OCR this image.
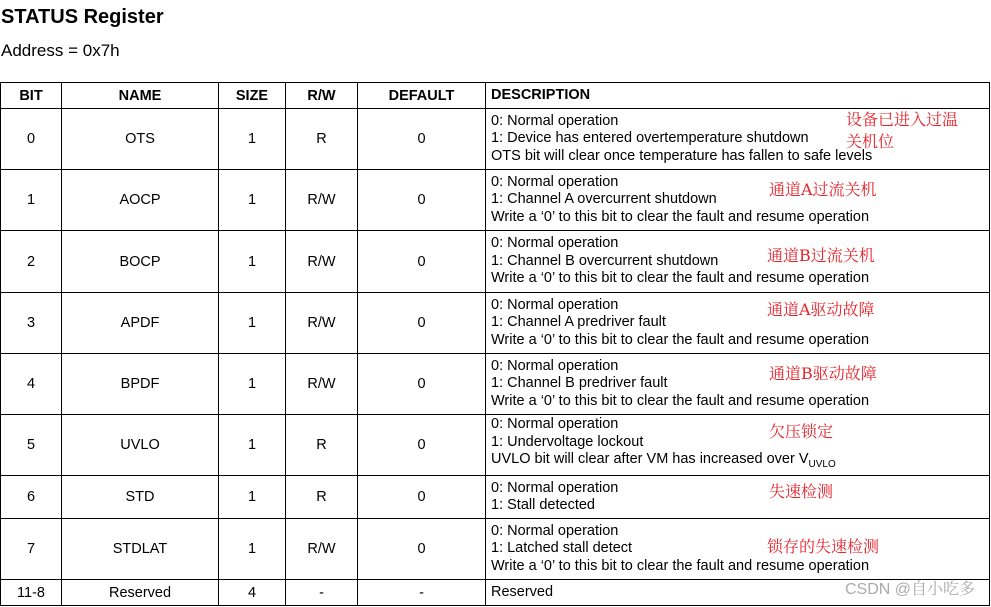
STATUS Register
Address = 0x7h
BIT	NAME	SIZE	R/W	DEFAULT	DESCRIPTION
0	OTS	1	R	0	0: Normal operation
1: Device has entered overtemperature shutdown
OTS bit will clear once temperature has fallen to safe levels
设备已进入过温
关机位

1	AOCP	1	R/W	0	0: Normal operation
1: Channel A overcurrent shutdown
Write a ‘0’ to this bit to clear the fault and resume operation
通道A过流关机

2	BOCP	1	R/W	0	0: Normal operation
1: Channel B overcurrent shutdown
Write a ‘0’ to this bit to clear the fault and resume operation
通道B过流关机

3	APDF	1	R/W	0	0: Normal operation
1: Channel A predriver fault
Write a ‘0’ to this bit to clear the fault and resume operation
通道A驱动故障

4	BPDF	1	R/W	0	0: Normal operation
1: Channel B predriver fault
Write a ‘0’ to this bit to clear the fault and resume operation
通道B驱动故障

5	UVLO	1	R	0	0: Normal operation
1: Undervoltage lockout
UVLO bit will clear after VM has increased over $V_{UVLO}$
欠压锁定

6	STD	1	R	0	0: Normal operation
1: Stall detected
失速检测

7	STDLAT	1	R/W	0	0: Normal operation
1: Latched stall detect
Write a ‘0’ to this bit to clear the fault and resume operation
锁存的失速检测

11-8	Reserved	4	-	-	Reserved	CSDN @自小吃多
